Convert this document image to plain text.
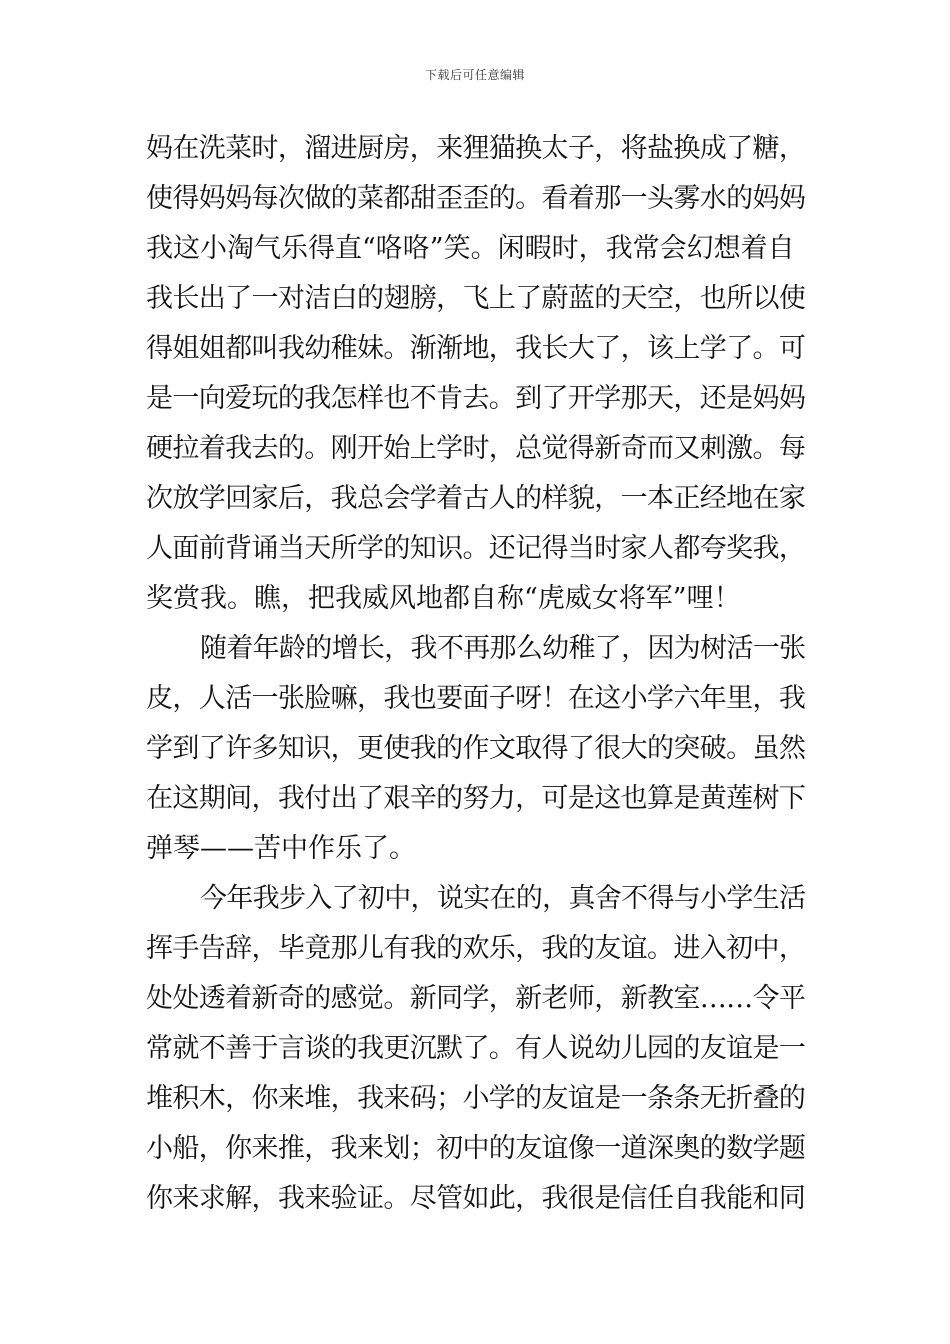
下载后可任意编辑
妈在洗菜时，溜进厨房，来狸猫换太子，将盐换成了糖，
使得妈妈每次做的菜都甜歪歪的。看着那一头雾水的妈妈
我这小淘气乐得直“咯咯”笑。闲暇时，我常会幻想着自
我长出了一对洁白的翅膀，飞上了蔚蓝的天空，也所以使
得姐姐都叫我幼稚妹。渐渐地，我长大了，该上学了。可
是一向爱玩的我怎样也不肯去。到了开学那天，还是妈妈
硬拉着我去的。刚开始上学时，总觉得新奇而又刺激。每
次放学回家后，我总会学着古人的样貌，一本正经地在家
人面前背诵当天所学的知识。还记得当时家人都夸奖我，
奖赏我。瞧，把我威风地都自称“虎威女将军”哩！
随着年龄的增长，我不再那么幼稚了，因为树活一张
皮，人活一张脸嘛，我也要面子呀！在这小学六年里，我
学到了许多知识，更使我的作文取得了很大的突破。虽然
在这期间，我付出了艰辛的努力，可是这也算是黄莲树下
弹琴——苦中作乐了。
今年我步入了初中，说实在的，真舍不得与小学生活
挥手告辞，毕竟那儿有我的欢乐，我的友谊。进入初中，
处处透着新奇的感觉。新同学，新老师，新教室……令平
常就不善于言谈的我更沉默了。有人说幼儿园的友谊是一
堆积木，你来堆，我来码；小学的友谊是一条条无折叠的
小船，你来推，我来划；初中的友谊像一道深奥的数学题
你来求解，我来验证。尽管如此，我很是信任自我能和同
